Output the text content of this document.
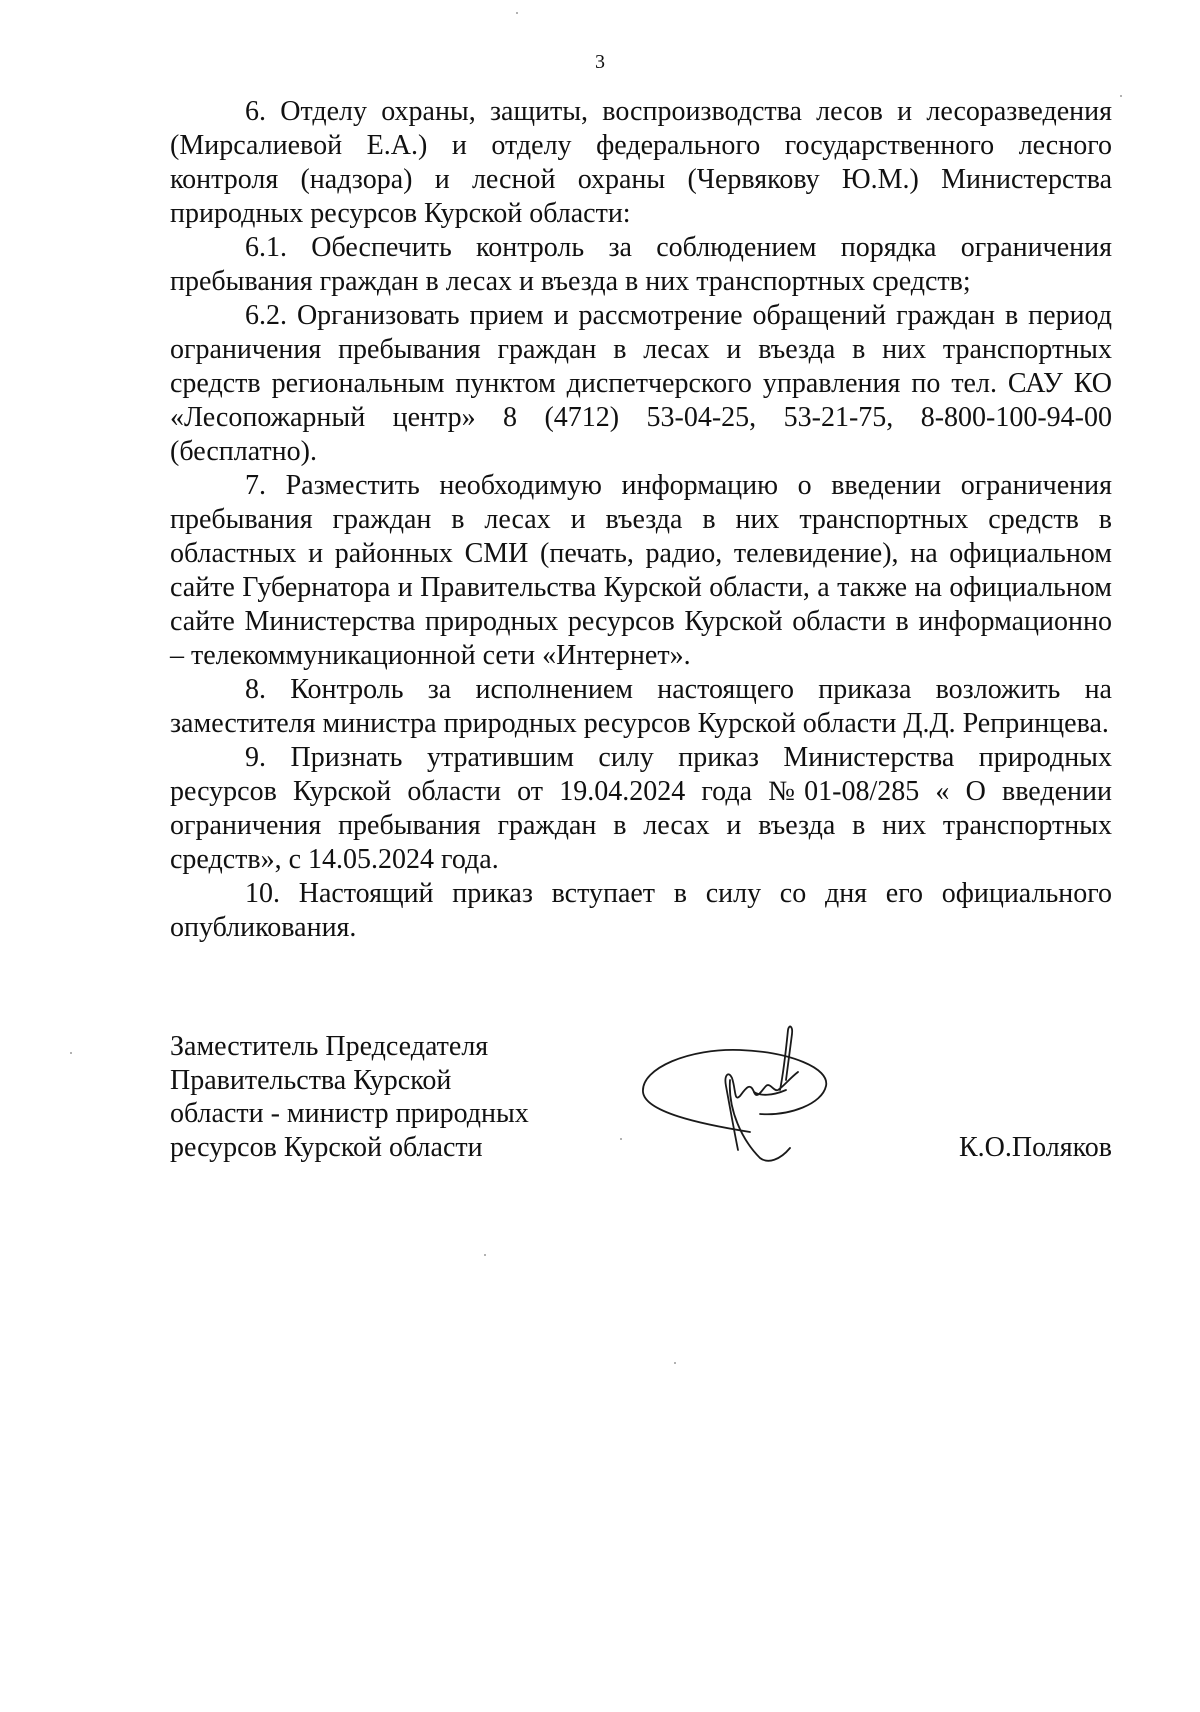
3

6. Отделу охраны, защиты, воспроизводства лесов и лесоразведения (Мирсалиевой Е.А.) и отделу федерального государственного лесного контроля (надзора) и лесной охраны (Червякову Ю.М.) Министерства природных ресурсов Курской области:

6.1. Обеспечить контроль за соблюдением порядка ограничения пребывания граждан в лесах и въезда в них транспортных средств;

6.2. Организовать прием и рассмотрение обращений граждан в период ограничения пребывания граждан в лесах и въезда в них транспортных средств региональным пунктом диспетчерского управления по тел. САУ КО «Лесопожарный центр» 8 (4712) 53-04-25, 53-21-75, 8-800-100-94-00 (бесплатно).

7. Разместить необходимую информацию о введении ограничения пребывания граждан в лесах и въезда в них транспортных средств в областных и районных СМИ (печать, радио, телевидение), на официальном сайте Губернатора и Правительства Курской области, а также на официальном сайте Министерства природных ресурсов Курской области в информационно – телекоммуникационной сети «Интернет».

8. Контроль за исполнением настоящего приказа возложить на заместителя министра природных ресурсов Курской области Д.Д. Репринцева.

9. Признать утратившим силу приказ Министерства природных ресурсов Курской области от 19.04.2024 года №01-08/285 « О введении ограничения пребывания граждан в лесах и въезда в них транспортных средств», с 14.05.2024 года.

10. Настоящий приказ вступает в силу со дня его официального опубликования.

Заместитель Председателя
Правительства Курской
области - министр природных
ресурсов Курской области	К.О.Поляков
